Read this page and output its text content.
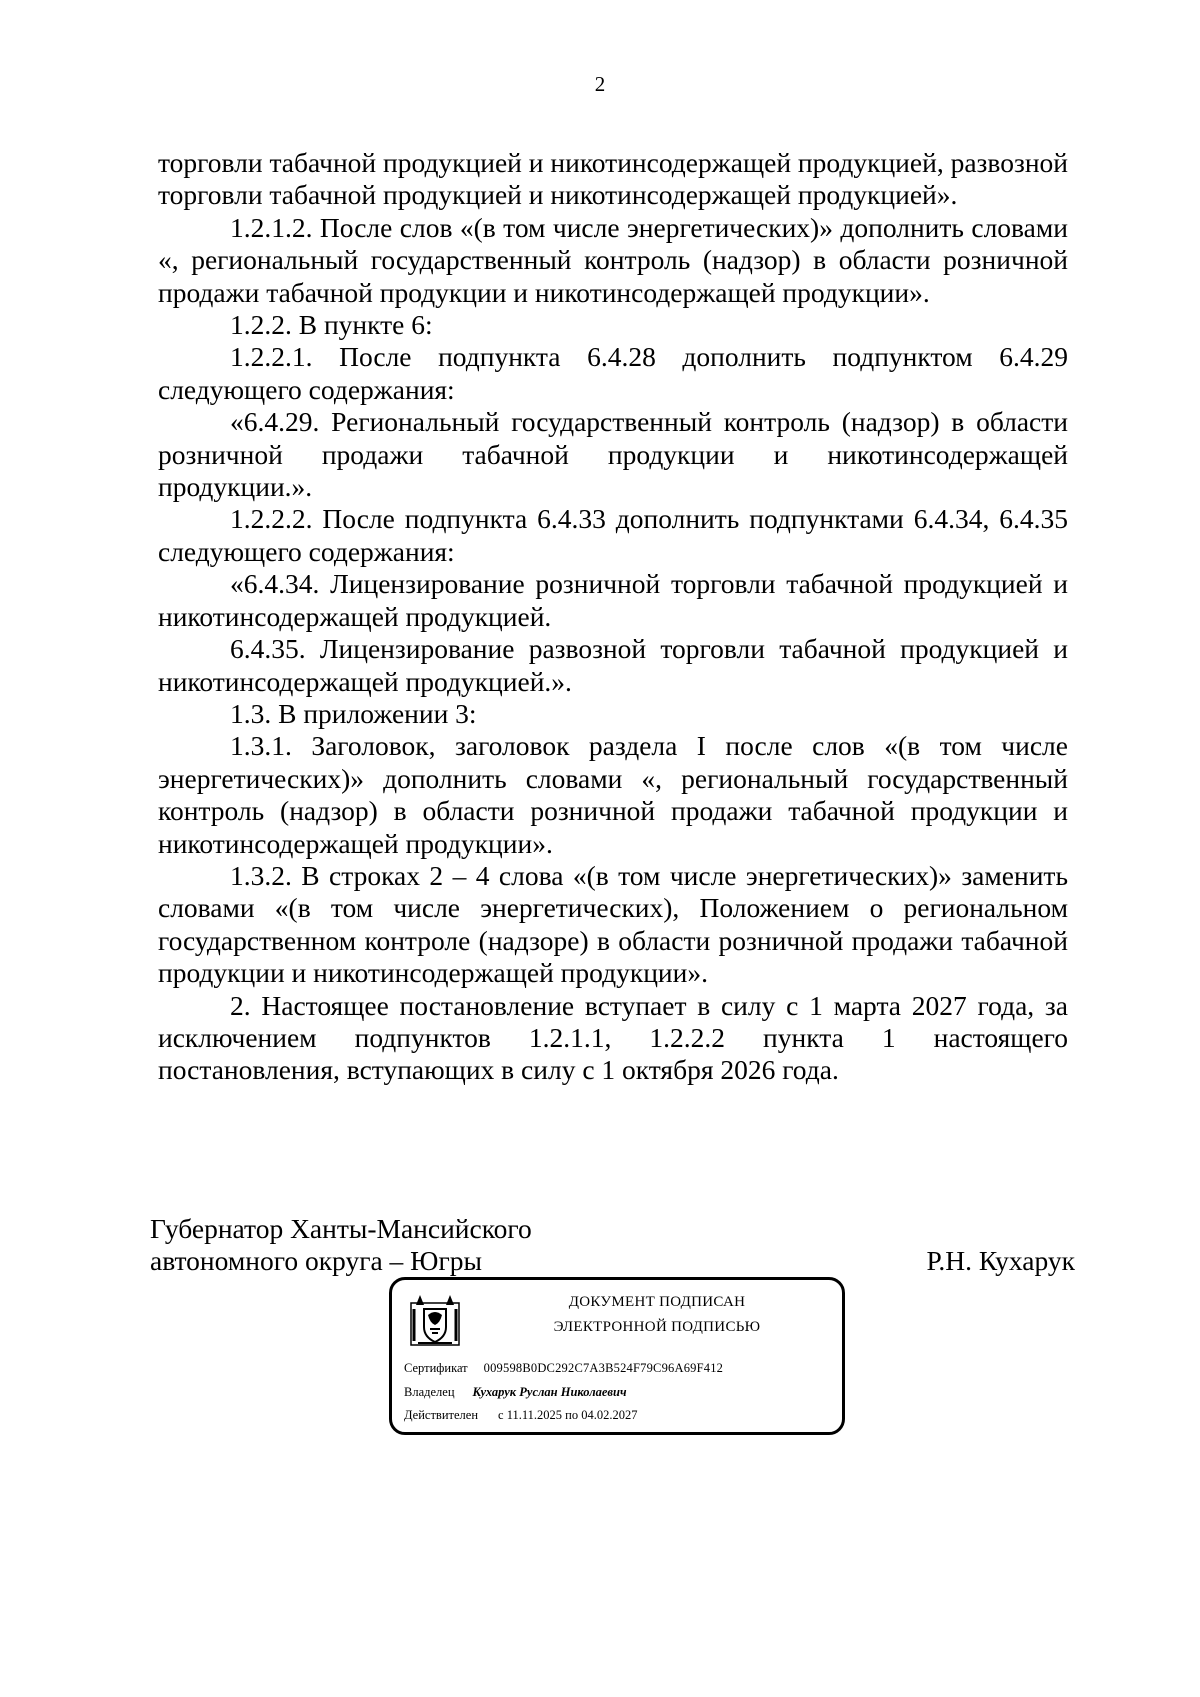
2

торговли табачной продукцией и никотинсодержащей продукцией, развозной торговли табачной продукцией и никотинсодержащей продукцией».

1.2.1.2. После слов «(в том числе энергетических)» дополнить словами «, региональный государственный контроль (надзор) в области розничной продажи табачной продукции и никотинсодержащей продукции».

1.2.2. В пункте 6:

1.2.2.1. После подпункта 6.4.28 дополнить подпунктом 6.4.29 следующего содержания:

«6.4.29. Региональный государственный контроль (надзор) в области розничной продажи табачной продукции и никотинсодержащей продукции.».

1.2.2.2. После подпункта 6.4.33 дополнить подпунктами 6.4.34, 6.4.35 следующего содержания:

«6.4.34. Лицензирование розничной торговли табачной продукцией и никотинсодержащей продукцией.

6.4.35. Лицензирование развозной торговли табачной продукцией и никотинсодержащей продукцией.».

1.3. В приложении 3:

1.3.1. Заголовок, заголовок раздела I после слов «(в том числе энергетических)» дополнить словами «, региональный государственный контроль (надзор) в области розничной продажи табачной продукции и никотинсодержащей продукции».

1.3.2. В строках 2 – 4 слова «(в том числе энергетических)» заменить словами «(в том числе энергетических), Положением о региональном государственном контроле (надзоре) в области розничной продажи табачной продукции и никотинсодержащей продукции».

2. Настоящее постановление вступает в силу с 1 марта 2027 года, за исключением подпунктов 1.2.1.1, 1.2.2.2 пункта 1 настоящего постановления, вступающих в силу с 1 октября 2026 года.

Губернатор Ханты-Мансийского
автономного округа – Югры	Р.Н. Кухарук
ДОКУМЕНТ ПОДПИСАН
ЭЛЕКТРОННОЙ ПОДПИСЬЮ
Сертификат 009598B0DC292C7A3B524F79C96A69F412
Владелец Кухарук Руслан Николаевич
Действителен с 11.11.2025 по 04.02.2027
